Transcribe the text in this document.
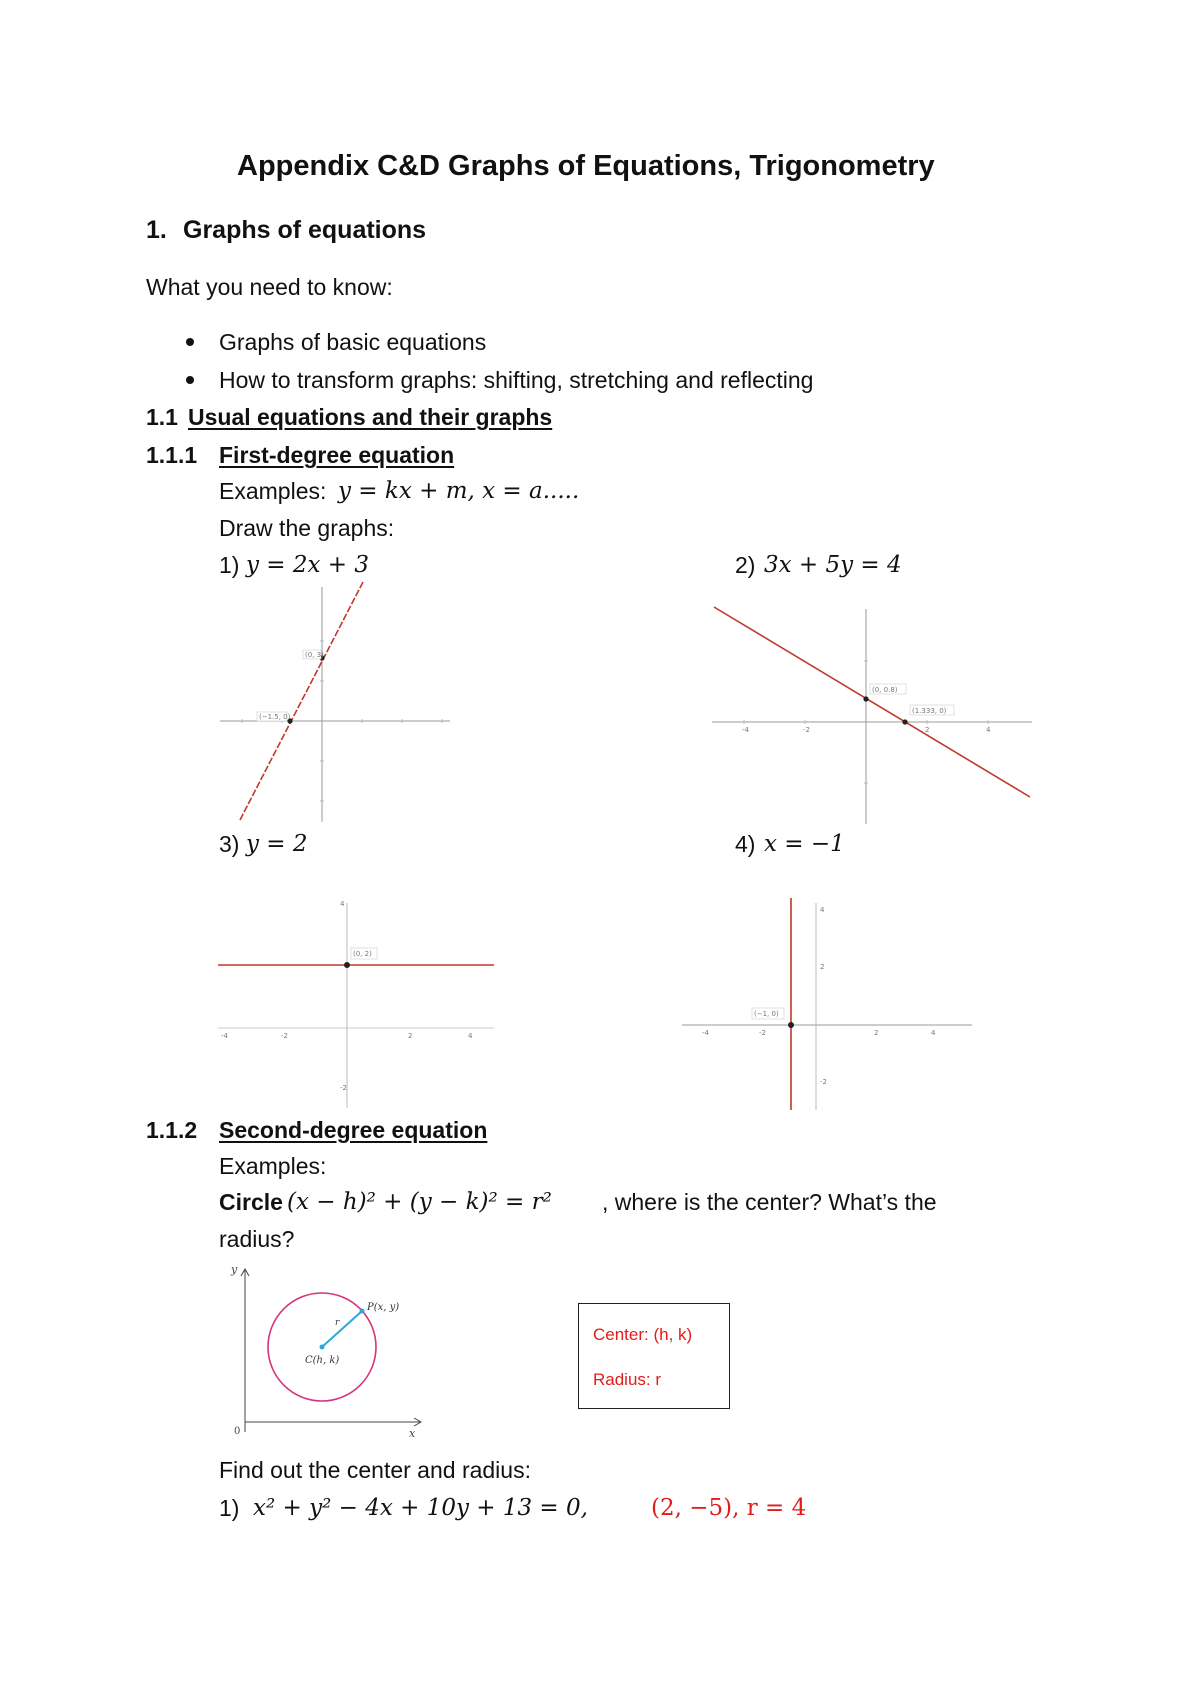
Appendix C&D Graphs of Equations, Trigonometry
1. Graphs of equations
What you need to know:
Graphs of basic equations
How to transform graphs: shifting, stretching and reflecting
1.1 Usual equations and their graphs
1.1.1 First-degree equation
Examples: y = kx + m, x = a.....
Draw the graphs:
1) y = 2x + 3	2) 3x + 5y = 4
(0, 3)
(−1.5, 0)
-4	-2	2	4
(0, 0.8)
(1.333, 0)
3) y = 2	4) x = −1
-4	-2	2	4
4
-2
(0, 2)
-4	-2	2	4
4
2
-2
(−1, 0)
1.1.2 Second-degree equation
Examples:
Circle (x − h)² + (y − k)² = r² , where is the center? What’s the
radius?
y
x
0
P(x, y)
r
C(h, k)
Center: (h, k)
Radius: r
Find out the center and radius:
1) x² + y² − 4x + 10y + 13 = 0,	(2, −5), r = 4
